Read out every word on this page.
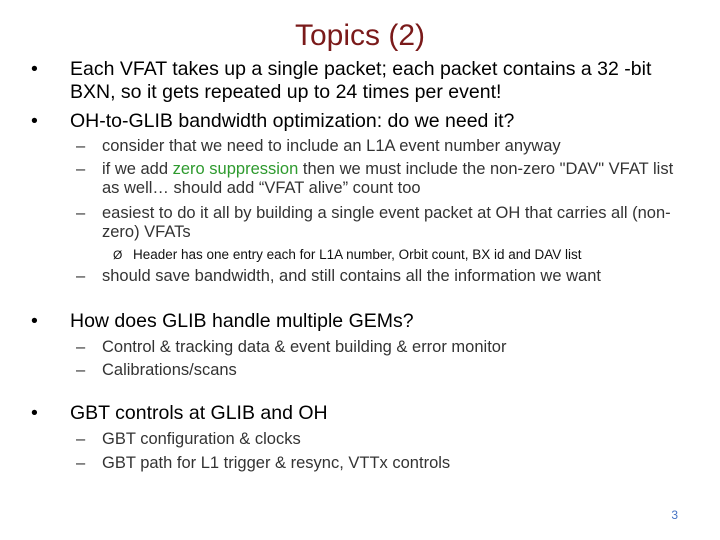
Topics (2)
•	Each VFAT takes up a single packet; each packet contains a 32 -bit BXN, so it gets repeated up to 24 times per event!
•	OH-to-GLIB bandwidth optimization: do we need it?
–	consider that we need to include an L1A event number anyway
–	if we add zero suppression then we must include the non-zero "DAV" VFAT list as well… should add “VFAT alive” count too
–	easiest to do it all by building a single event packet at OH that carries all (non-zero) VFATs
Ø Header has one entry each for L1A number, Orbit count, BX id and DAV list
–	should save bandwidth, and still contains all the information we want
•	How does GLIB handle multiple GEMs?
–	Control & tracking data & event building & error monitor
–	Calibrations/scans
•	GBT controls at GLIB and OH
–	GBT configuration & clocks
–	GBT path for L1 trigger & resync, VTTx controls
3
